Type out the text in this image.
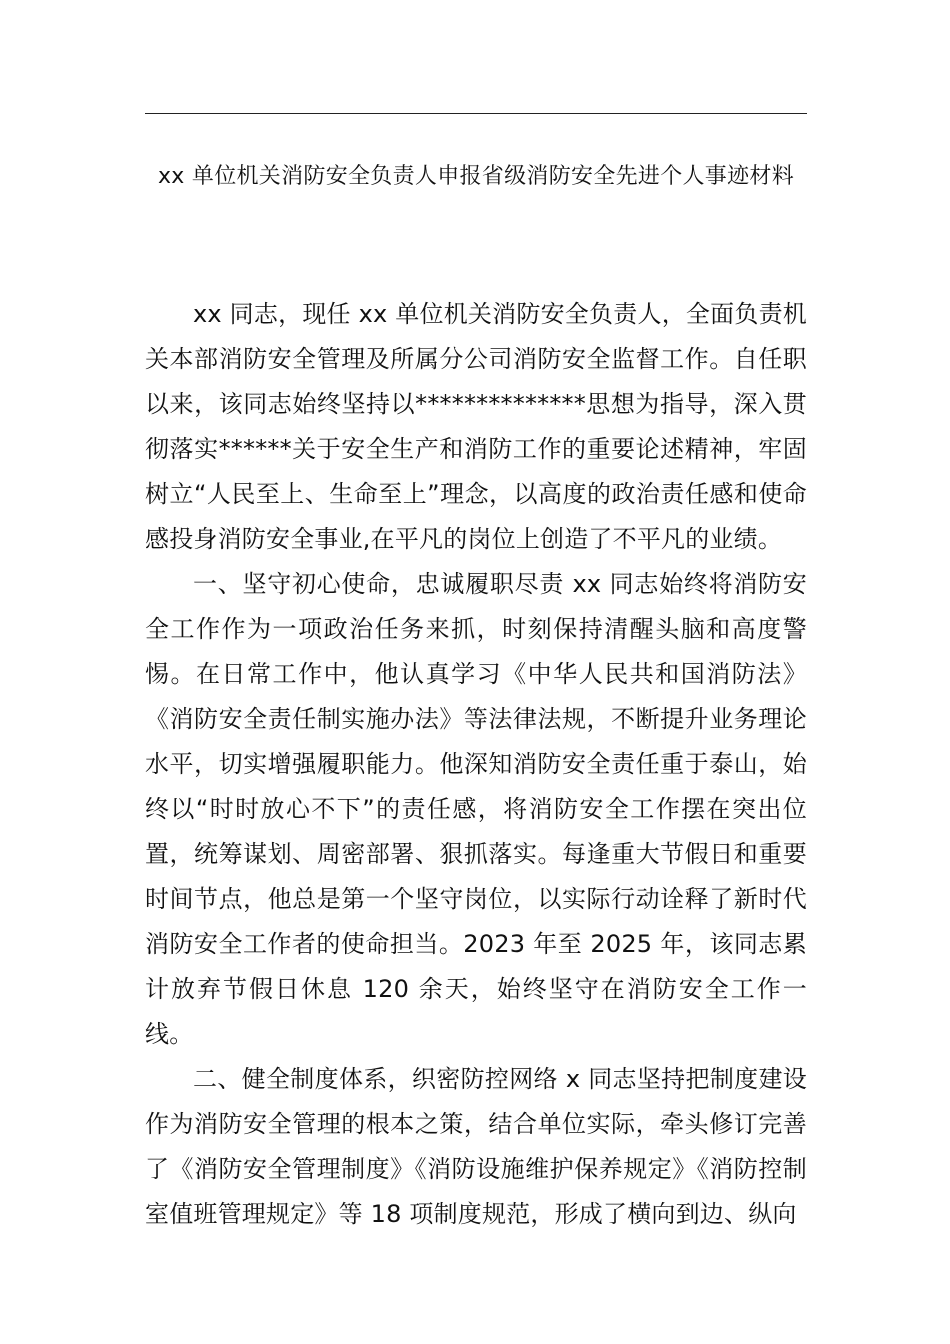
xx 单位机关消防安全负责人申报省级消防安全先进个人事迹材料

xx 同志，现任 xx 单位机关消防安全负责人，全面负责机关本部消防安全管理及所属分公司消防安全监督工作。自任职以来，该同志始终坚持以**************思想为指导，深入贯彻落实******关于安全生产和消防工作的重要论述精神，牢固树立“人民至上、生命至上”理念，以高度的政治责任感和使命感投身消防安全事业,在平凡的岗位上创造了不平凡的业绩。

一、坚守初心使命，忠诚履职尽责 xx 同志始终将消防安全工作作为一项政治任务来抓，时刻保持清醒头脑和高度警惕。在日常工作中，他认真学习《中华人民共和国消防法》《消防安全责任制实施办法》等法律法规，不断提升业务理论水平，切实增强履职能力。他深知消防安全责任重于泰山，始终以“时时放心不下”的责任感，将消防安全工作摆在突出位置，统筹谋划、周密部署、狠抓落实。每逢重大节假日和重要时间节点，他总是第一个坚守岗位，以实际行动诠释了新时代消防安全工作者的使命担当。2023 年至 2025 年，该同志累计放弃节假日休息 120 余天，始终坚守在消防安全工作一线。

二、健全制度体系，织密防控网络 x 同志坚持把制度建设作为消防安全管理的根本之策，结合单位实际，牵头修订完善了《消防安全管理制度》《消防设施维护保养规定》《消防控制室值班管理规定》等 18 项制度规范，形成了横向到边、纵向
